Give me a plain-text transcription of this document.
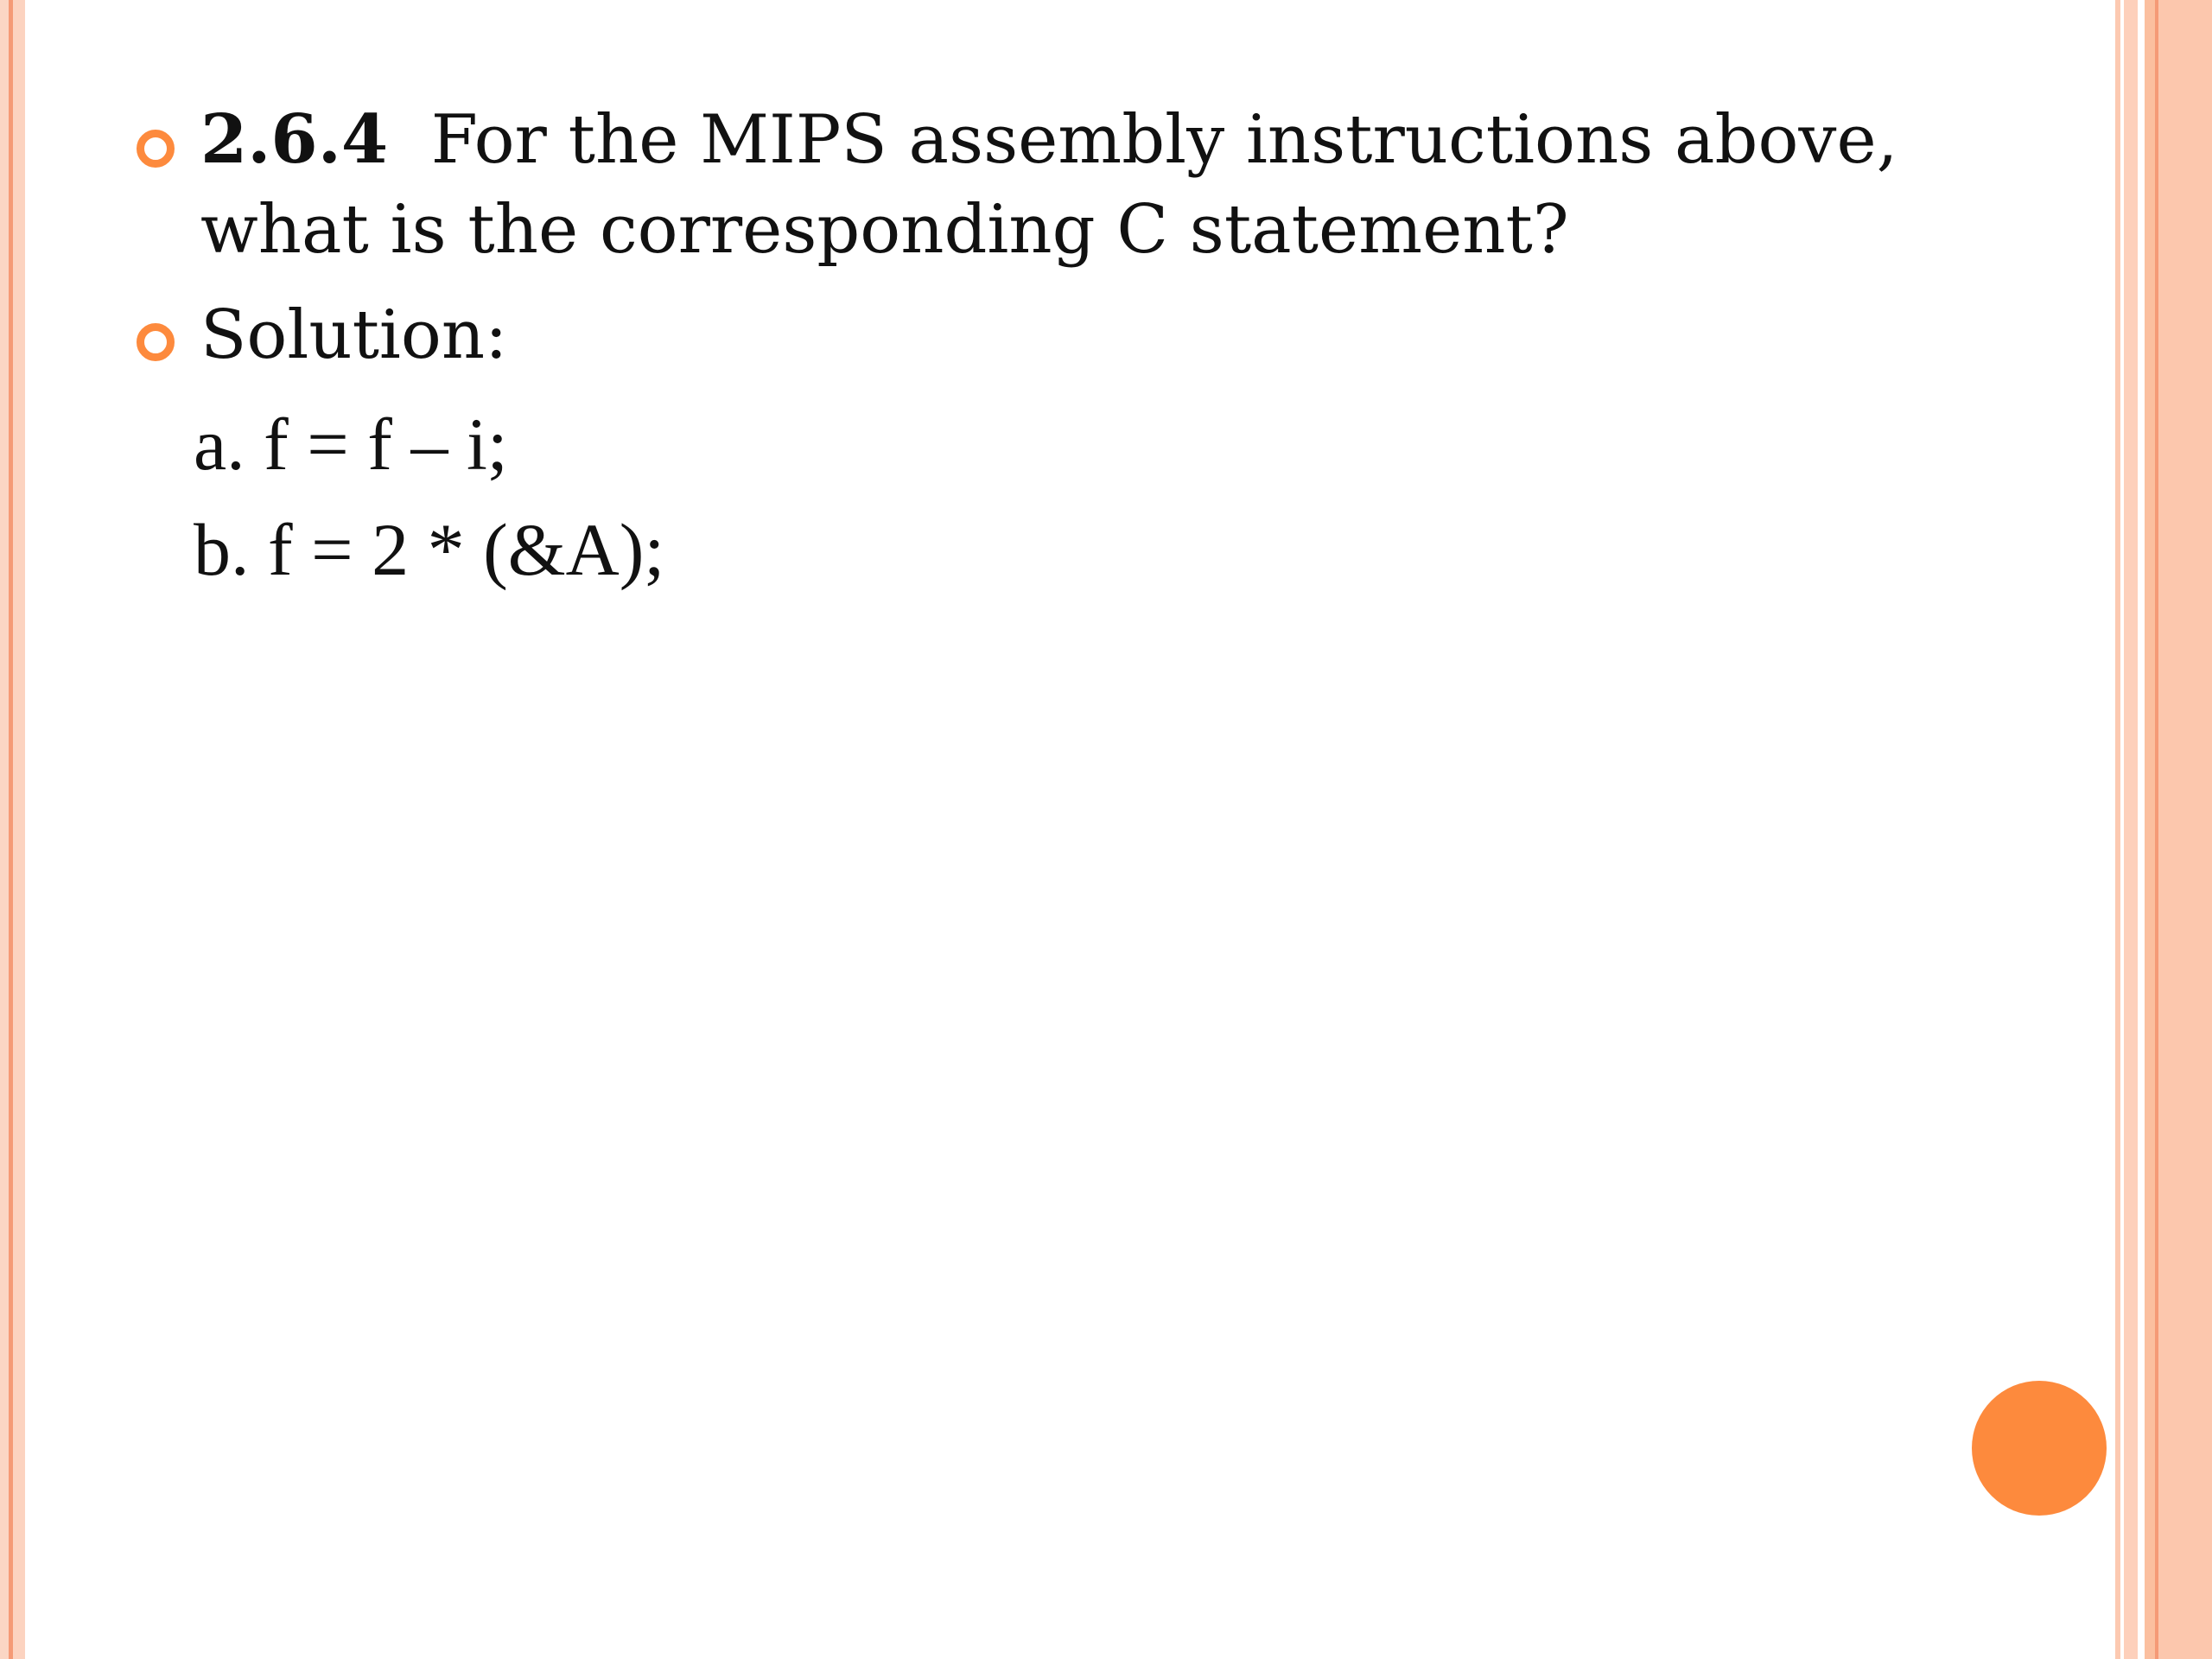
2.6.4 For the MIPS assembly instructions above,
what is the corresponding C statement?
Solution:
a. f = f – i;
b. f = 2 * (&A);
